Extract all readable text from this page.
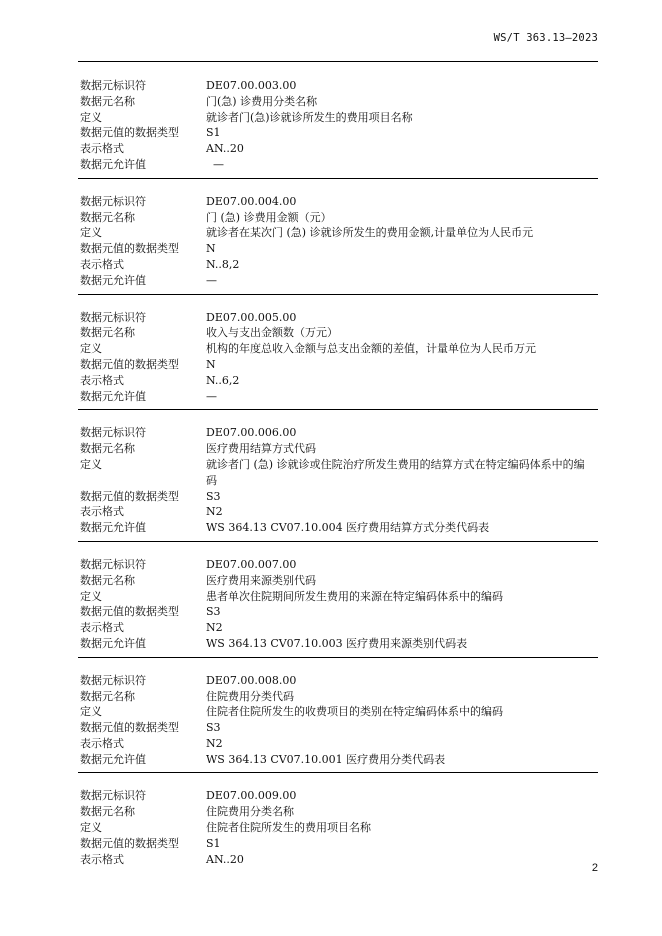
WS/T 363.13—2023
数据元标识符	DE07.00.003.00
数据元名称	门(急) 诊费用分类名称
定义	就诊者门(急)诊就诊所发生的费用项目名称
数据元值的数据类型	S1
表示格式	AN..20
数据元允许值	—
数据元标识符	DE07.00.004.00
数据元名称	门 (急) 诊费用金额（元）
定义	就诊者在某次门 (急) 诊就诊所发生的费用金额,计量单位为人民币元
数据元值的数据类型	N
表示格式	N..8,2
数据元允许值	—
数据元标识符	DE07.00.005.00
数据元名称	收入与支出金额数（万元）
定义	机构的年度总收入金额与总支出金额的差值，计量单位为人民币万元
数据元值的数据类型	N
表示格式	N..6,2
数据元允许值	—
数据元标识符	DE07.00.006.00
数据元名称	医疗费用结算方式代码
定义	就诊者门 (急) 诊就诊或住院治疗所发生费用的结算方式在特定编码体系中的编码
数据元值的数据类型	S3
表示格式	N2
数据元允许值	WS 364.13 CV07.10.004 医疗费用结算方式分类代码表
数据元标识符	DE07.00.007.00
数据元名称	医疗费用来源类别代码
定义	患者单次住院期间所发生费用的来源在特定编码体系中的编码
数据元值的数据类型	S3
表示格式	N2
数据元允许值	WS 364.13 CV07.10.003 医疗费用来源类别代码表
数据元标识符	DE07.00.008.00
数据元名称	住院费用分类代码
定义	住院者住院所发生的收费项目的类别在特定编码体系中的编码
数据元值的数据类型	S3
表示格式	N2
数据元允许值	WS 364.13 CV07.10.001 医疗费用分类代码表
数据元标识符	DE07.00.009.00
数据元名称	住院费用分类名称
定义	住院者住院所发生的费用项目名称
数据元值的数据类型	S1
表示格式	AN..20
2
